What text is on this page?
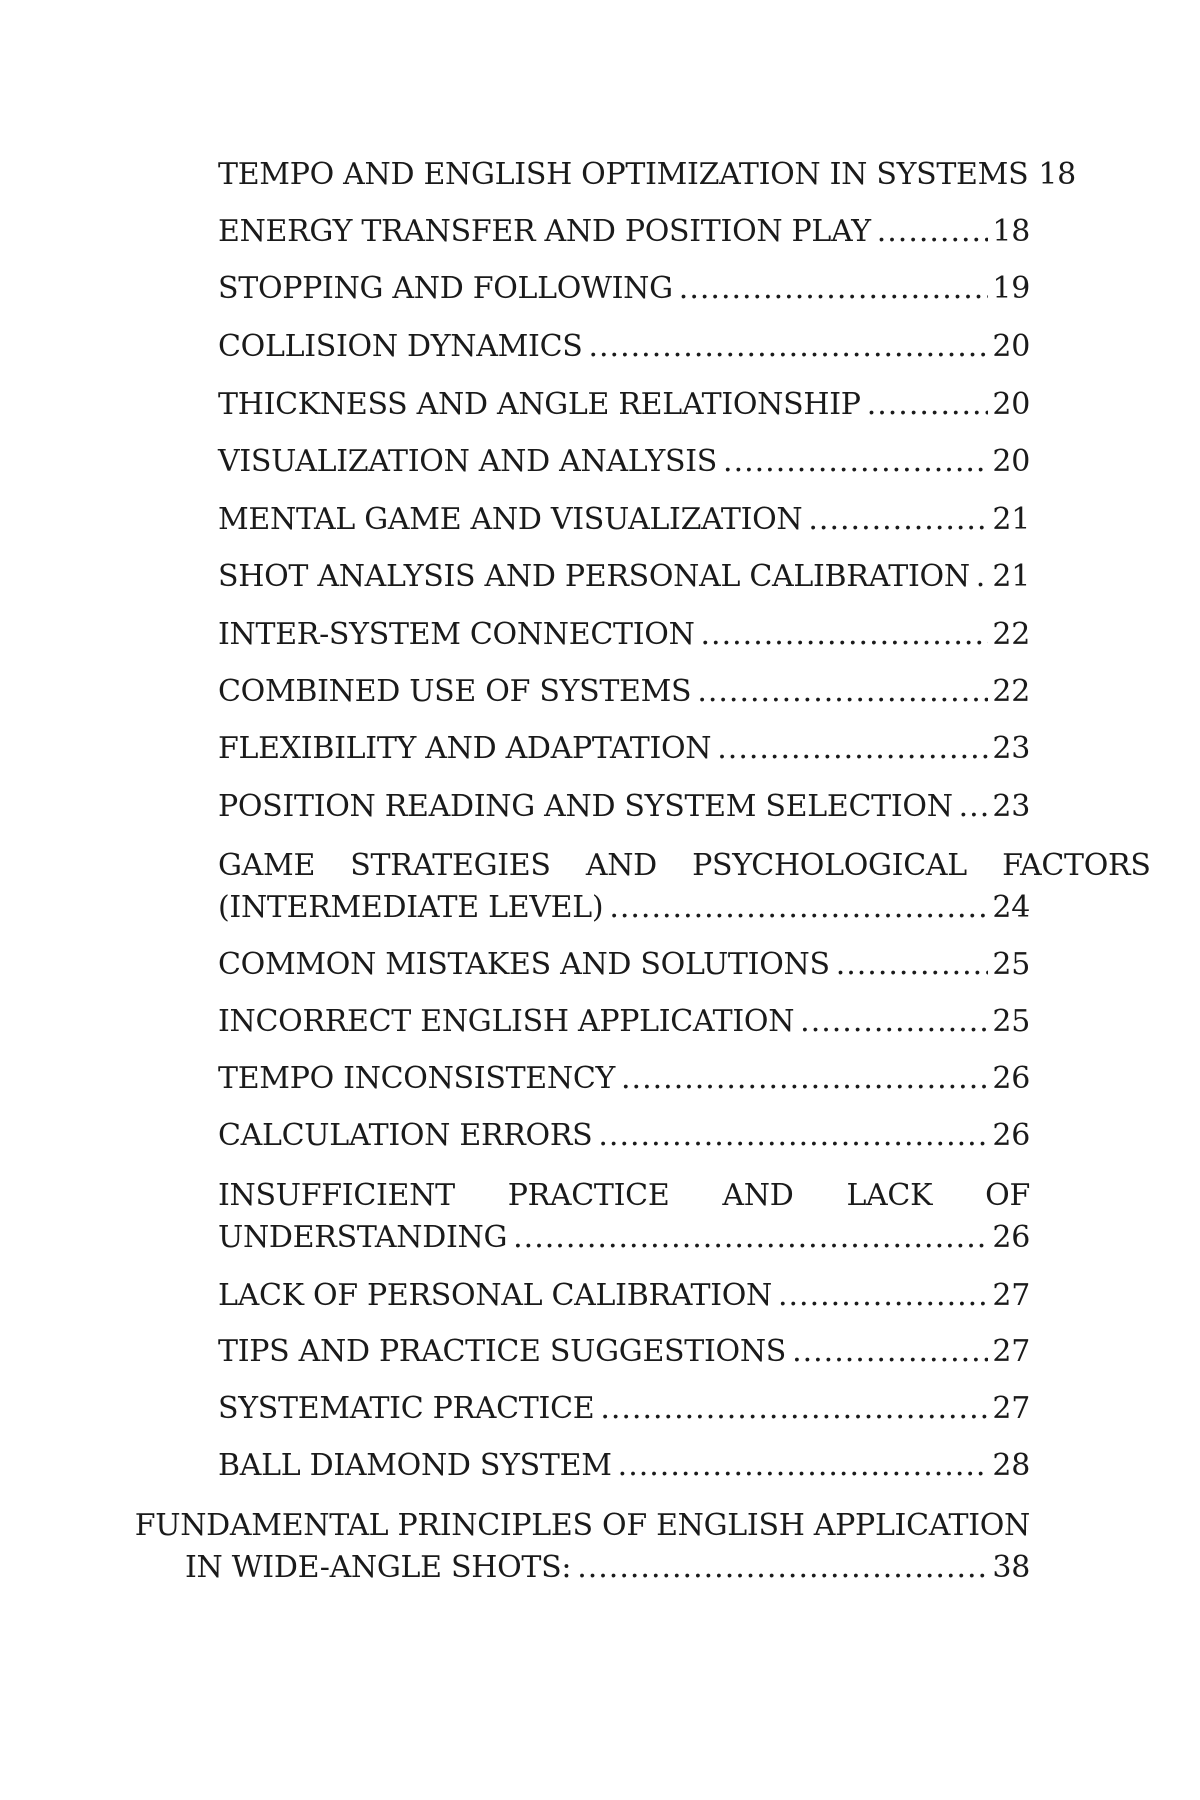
TEMPO AND ENGLISH OPTIMIZATION IN SYSTEMS 18
ENERGY TRANSFER AND POSITION PLAY .....	18
STOPPING AND FOLLOWING .....	19
COLLISION DYNAMICS .....	20
THICKNESS AND ANGLE RELATIONSHIP .....	20
VISUALIZATION AND ANALYSIS .....	20
MENTAL GAME AND VISUALIZATION .....	21
SHOT ANALYSIS AND PERSONAL CALIBRATION ..... 21
INTER-SYSTEM CONNECTION .....	22
COMBINED USE OF SYSTEMS .....	22
FLEXIBILITY AND ADAPTATION .....	23
POSITION READING AND SYSTEM SELECTION ..... 23
GAME STRATEGIES AND PSYCHOLOGICAL FACTORS
(INTERMEDIATE LEVEL) .....	24
COMMON MISTAKES AND SOLUTIONS .....	25
INCORRECT ENGLISH APPLICATION .....	25
TEMPO INCONSISTENCY .....	26
CALCULATION ERRORS .....	26
INSUFFICIENT PRACTICE AND LACK OF
UNDERSTANDING .....	26
LACK OF PERSONAL CALIBRATION .....	27
TIPS AND PRACTICE SUGGESTIONS .....	27
SYSTEMATIC PRACTICE .....	27
BALL DIAMOND SYSTEM .....	28
FUNDAMENTAL PRINCIPLES OF ENGLISH APPLICATION
IN WIDE-ANGLE SHOTS: .....	38
